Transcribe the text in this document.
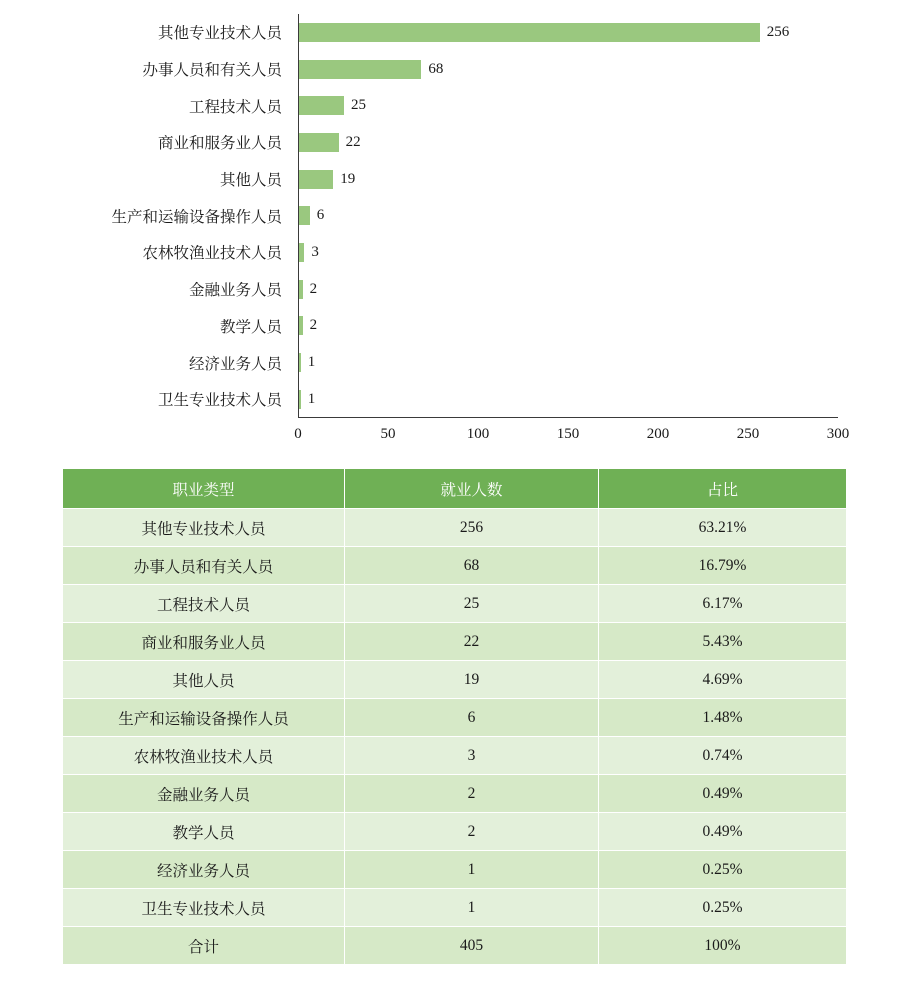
其他专业技术人员
办事人员和有关人员
工程技术人员
商业和服务业人员
其他人员
生产和运输设备操作人员
农林牧渔业技术人员
金融业务人员
教学人员
经济业务人员
卫生专业技术人员
256
68
25
22
19
6
3
2
2
1
1
0	50	100	150	200	250	300
职业类型	就业人数	占比
其他专业技术人员	256	63.21%
办事人员和有关人员	68	16.79%
工程技术人员	25	6.17%
商业和服务业人员	22	5.43%
其他人员	19	4.69%
生产和运输设备操作人员	6	1.48%
农林牧渔业技术人员	3	0.74%
金融业务人员	2	0.49%
教学人员	2	0.49%
经济业务人员	1	0.25%
卫生专业技术人员	1	0.25%
合计	405	100%
